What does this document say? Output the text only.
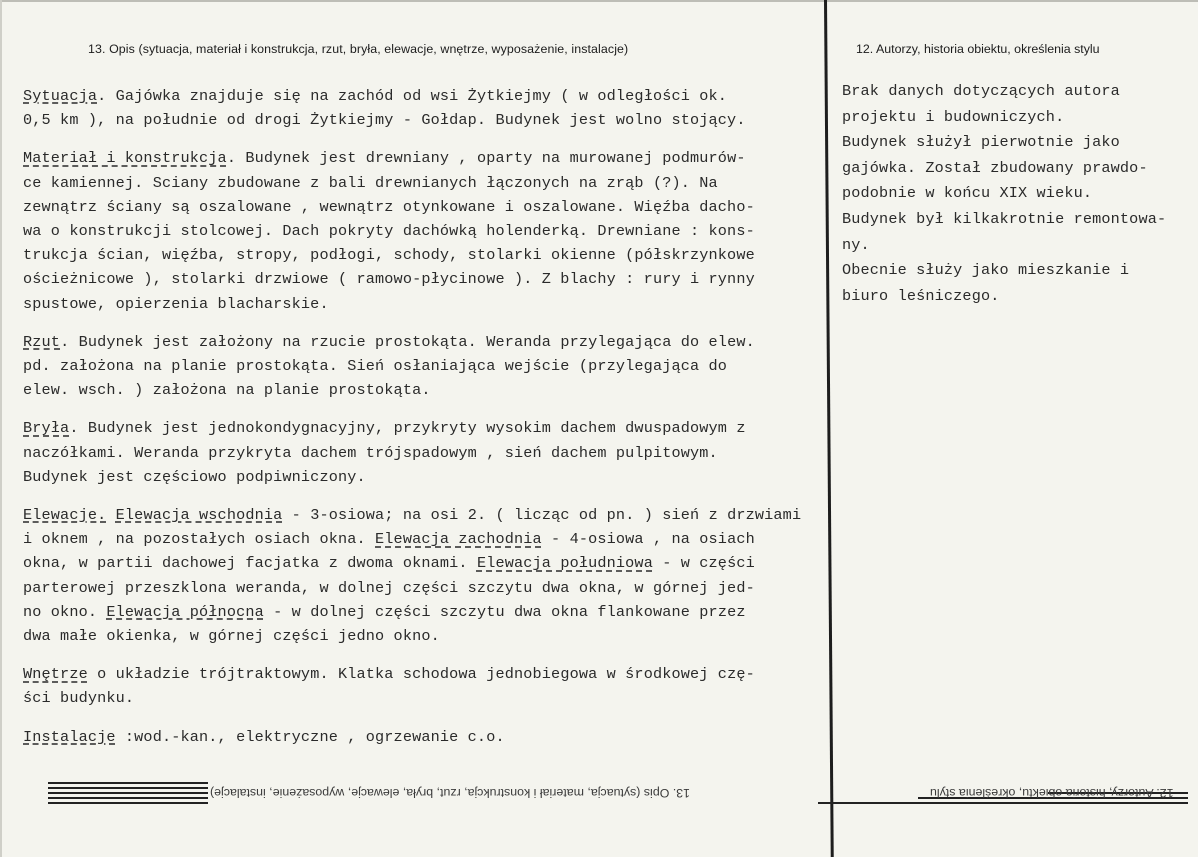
13. Opis (sytuacja, materiał i konstrukcja, rzut, bryła, elewacje, wnętrze, wyposażenie, instalacje)	12. Autorzy, historia obiektu, określenia stylu
Sytuacja. Gajówka znajduje się na zachód od wsi Żytkiejmy ( w odległości ok.
0,5 km ), na południe od drogi Żytkiejmy - Gołdap. Budynek jest wolno stojący.
Materiał i konstrukcja. Budynek jest drewniany , oparty na murowanej podmurów-
ce kamiennej. Sciany zbudowane z bali drewnianych łączonych na zrąb (?). Na
zewnątrz ściany są oszalowane , wewnątrz otynkowane i oszalowane. Więźba dacho-
wa o konstrukcji stolcowej. Dach pokryty dachówką holenderką. Drewniane : kons-
trukcja ścian, więźba, stropy, podłogi, schody, stolarki okienne (półskrzynkowe
ościeżnicowe ), stolarki drzwiowe ( ramowo-płycinowe ). Z blachy : rury i rynny
spustowe, opierzenia blacharskie.
Rzut. Budynek jest założony na rzucie prostokąta. Weranda przylegająca do elew.
pd. założona na planie prostokąta. Sień osłaniająca wejście (przylegająca do
elew. wsch. ) założona na planie prostokąta.
Bryła. Budynek jest jednokondygnacyjny, przykryty wysokim dachem dwuspadowym z
naczółkami. Weranda przykryta dachem trójspadowym , sień dachem pulpitowym.
Budynek jest częściowo podpiwniczony.
Elewacje. Elewacja wschodnia - 3-osiowa; na osi 2. ( licząc od pn. ) sień z drzwiami
i oknem , na pozostałych osiach okna. Elewacja zachodnia - 4-osiowa , na osiach
okna, w partii dachowej facjatka z dwoma oknami. Elewacja południowa - w części
parterowej przeszklona weranda, w dolnej części szczytu dwa okna, w górnej jed-
no okno. Elewacja północna - w dolnej części szczytu dwa okna flankowane przez
dwa małe okienka, w górnej części jedno okno.
Wnętrze o układzie trójtraktowym. Klatka schodowa jednobiegowa w środkowej czę-
ści budynku.
Instalacje :wod.-kan., elektryczne , ogrzewanie c.o.
Brak danych dotyczących autora
projektu i budowniczych.
Budynek służył pierwotnie jako
gajówka. Został zbudowany prawdo-
podobnie w końcu XIX wieku.
Budynek był kilkakrotnie remontowa-
ny.
Obecnie służy jako mieszkanie i
biuro leśniczego.
13. Opis (sytuacja, materiał i konstrukcja, rzut, bryła, elewacje, wyposażenie, instalacje)	12. Autorzy, historia obiektu, określenia stylu
